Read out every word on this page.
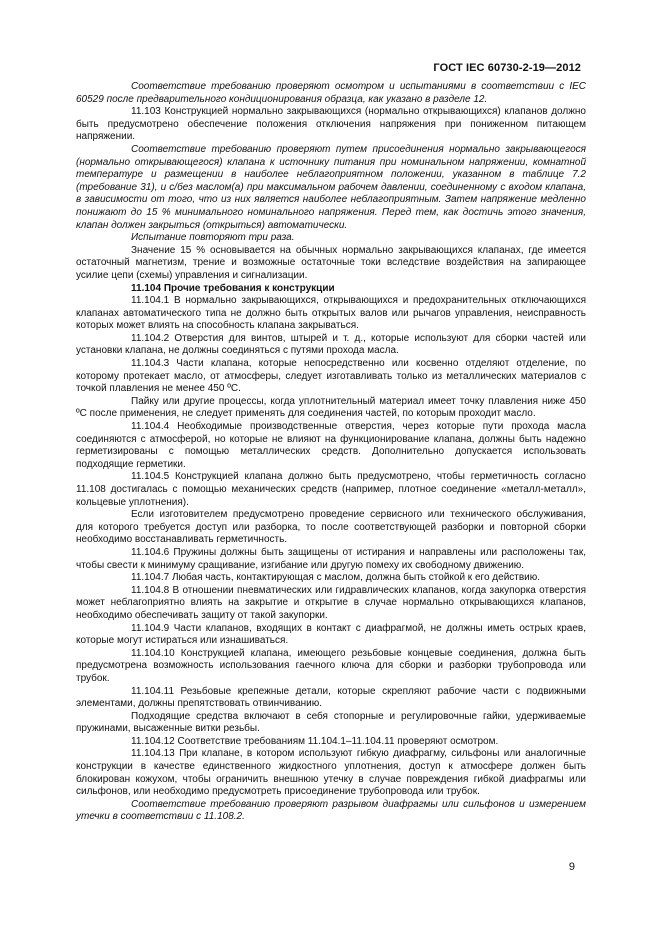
ГОСТ IEC 60730-2-19—2012

Соответствие требованию проверяют осмотром и испытаниями в соответствии с IEC 60529 после предварительного кондиционирования образца, как указано в разделе 12.

11.103 Конструкцией нормально закрывающихся (нормально открывающихся) клапанов должно быть предусмотрено обеспечение положения отключения напряжения при пониженном питающем напряжении.

Соответствие требованию проверяют путем присоединения нормально закрывающегося (нормально открывающегося) клапана к источнику питания при номинальном напряжении, комнатной температуре и размещении в наиболее неблагоприятном положении, указанном в таблице 7.2 (требование 31), и с/без маслом(а) при максимальном рабочем давлении, соединенному с входом клапана, в зависимости от того, что из них является наиболее неблагоприятным. Затем напряжение медленно понижают до 15 % минимального номинального напряжения. Перед тем, как достичь этого значения, клапан должен закрыться (открыться) автоматически.

Испытание повторяют три раза.

Значение 15 % основывается на обычных нормально закрывающихся клапанах, где имеется остаточный магнетизм, трение и возможные остаточные токи вследствие воздействия на запирающее усилие цепи (схемы) управления и сигнализации.

11.104 Прочие требования к конструкции

11.104.1 В нормально закрывающихся, открывающихся и предохранительных отключающихся клапанах автоматического типа не должно быть открытых валов или рычагов управления, неисправность которых может влиять на способность клапана закрываться.

11.104.2 Отверстия для винтов, штырей и т. д., которые используют для сборки частей или установки клапана, не должны соединяться с путями прохода масла.

11.104.3 Части клапана, которые непосредственно или косвенно отделяют отделение, по которому протекает масло, от атмосферы, следует изготавливать только из металлических материалов с точкой плавления не менее 450 ºC.

Пайку или другие процессы, когда уплотнительный материал имеет точку плавления ниже 450 ºC после применения, не следует применять для соединения частей, по которым проходит масло.

11.104.4 Необходимые производственные отверстия, через которые пути прохода масла соединяются с атмосферой, но которые не влияют на функционирование клапана, должны быть надежно герметизированы с помощью металлических средств. Дополнительно допускается использовать подходящие герметики.

11.104.5 Конструкцией клапана должно быть предусмотрено, чтобы герметичность согласно 11.108 достигалась с помощью механических средств (например, плотное соединение «металл-металл», кольцевые уплотнения).

Если изготовителем предусмотрено проведение сервисного или технического обслуживания, для которого требуется доступ или разборка, то после соответствующей разборки и повторной сборки необходимо восстанавливать герметичность.

11.104.6 Пружины должны быть защищены от истирания и направлены или расположены так, чтобы свести к минимуму сращивание, изгибание или другую помеху их свободному движению.

11.104.7 Любая часть, контактирующая с маслом, должна быть стойкой к его действию.

11.104.8 В отношении пневматических или гидравлических клапанов, когда закупорка отверстия может неблагоприятно влиять на закрытие и открытие в случае нормально открывающихся клапанов, необходимо обеспечивать защиту от такой закупорки.

11.104.9 Части клапанов, входящих в контакт с диафрагмой, не должны иметь острых краев, которые могут истираться или изнашиваться.

11.104.10 Конструкцией клапана, имеющего резьбовые концевые соединения, должна быть предусмотрена возможность использования гаечного ключа для сборки и разборки трубопровода или трубок.

11.104.11 Резьбовые крепежные детали, которые скрепляют рабочие части с подвижными элементами, должны препятствовать отвинчиванию.

Подходящие средства включают в себя стопорные и регулировочные гайки, удерживаемые пружинами, высаженные витки резьбы.

11.104.12 Соответствие требованиям 11.104.1–11.104.11 проверяют осмотром.

11.104.13 При клапане, в котором используют гибкую диафрагму, сильфоны или аналогичные конструкции в качестве единственного жидкостного уплотнения, доступ к атмосфере должен быть блокирован кожухом, чтобы ограничить внешнюю утечку в случае повреждения гибкой диафрагмы или сильфонов, или необходимо предусмотреть присоединение трубопровода или трубок.

Соответствие требованию проверяют разрывом диафрагмы или сильфонов и измерением утечки в соответствии с 11.108.2.

9
